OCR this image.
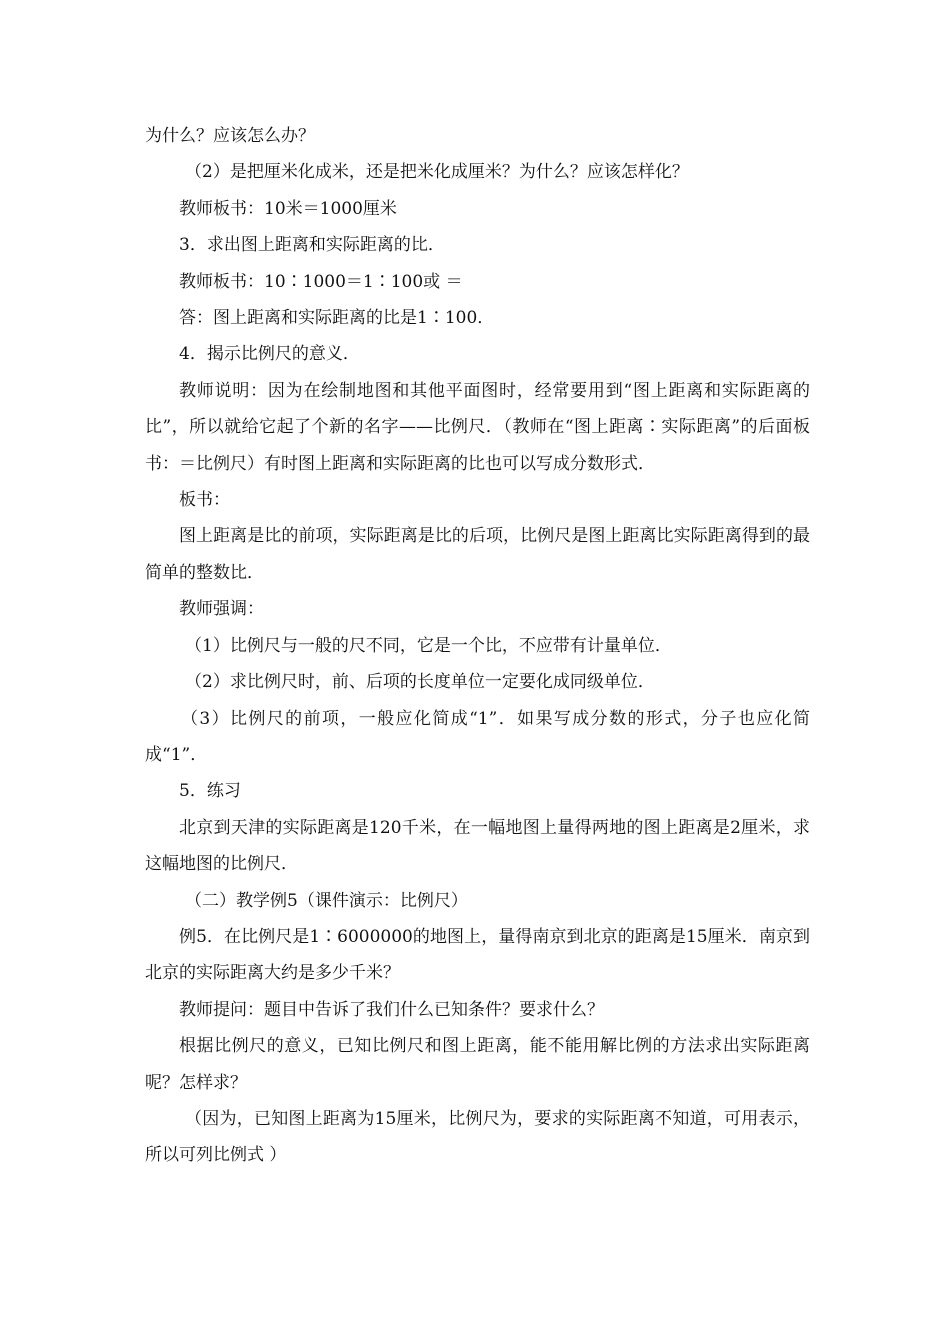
为什么？应该怎么办？

（2）是把厘米化成米，还是把米化成厘米？为什么？应该怎样化？

教师板书：10米＝1000厘米

3．求出图上距离和实际距离的比．

教师板书：10∶1000＝1∶100或 ＝

答：图上距离和实际距离的比是1∶100．

4．揭示比例尺的意义．

教师说明：因为在绘制地图和其他平面图时，经常要用到“图上距离和实际距离的比”，所以就给它起了个新的名字——比例尺．（教师在“图上距离∶实际距离”的后面板书：＝比例尺）有时图上距离和实际距离的比也可以写成分数形式．

板书：

图上距离是比的前项，实际距离是比的后项，比例尺是图上距离比实际距离得到的最简单的整数比．

教师强调：

（1）比例尺与一般的尺不同，它是一个比，不应带有计量单位．

（2）求比例尺时，前、后项的长度单位一定要化成同级单位．

（3）比例尺的前项，一般应化简成“1”．如果写成分数的形式，分子也应化简成“1”．

5．练习

北京到天津的实际距离是120千米，在一幅地图上量得两地的图上距离是2厘米，求这幅地图的比例尺．

（二）教学例5（课件演示：比例尺）

例5．在比例尺是1∶6000000的地图上，量得南京到北京的距离是15厘米．南京到北京的实际距离大约是多少千米？

教师提问：题目中告诉了我们什么已知条件？要求什么？

根据比例尺的意义，已知比例尺和图上距离，能不能用解比例的方法求出实际距离呢？怎样求？

（因为，已知图上距离为15厘米，比例尺为，要求的实际距离不知道，可用表示，所以可列比例式 ）
